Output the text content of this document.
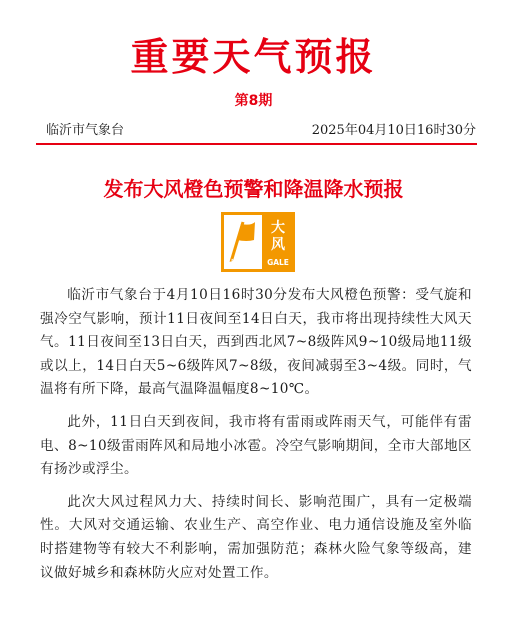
重要天气预报
第8期
临沂市气象台	2025年04月10日16时30分
发布大风橙色预警和降温降水预报
橙
大
风
GALE

临沂市气象台于4月10日16时30分发布大风橙色预警：受气旋和强冷空气影响，预计11日夜间至14日白天，我市将出现持续性大风天气。11日夜间至13日白天，西到西北风7~8级阵风9~10级局地11级或以上，14日白天5~6级阵风7~8级，夜间减弱至3~4级。同时，气温将有所下降，最高气温降温幅度8~10℃。

此外，11日白天到夜间，我市将有雷雨或阵雨天气，可能伴有雷电、8~10级雷雨阵风和局地小冰雹。冷空气影响期间，全市大部地区有扬沙或浮尘。

此次大风过程风力大、持续时间长、影响范围广，具有一定极端性。大风对交通运输、农业生产、高空作业、电力通信设施及室外临时搭建物等有较大不利影响，需加强防范；森林火险气象等级高，建议做好城乡和森林防火应对处置工作。
